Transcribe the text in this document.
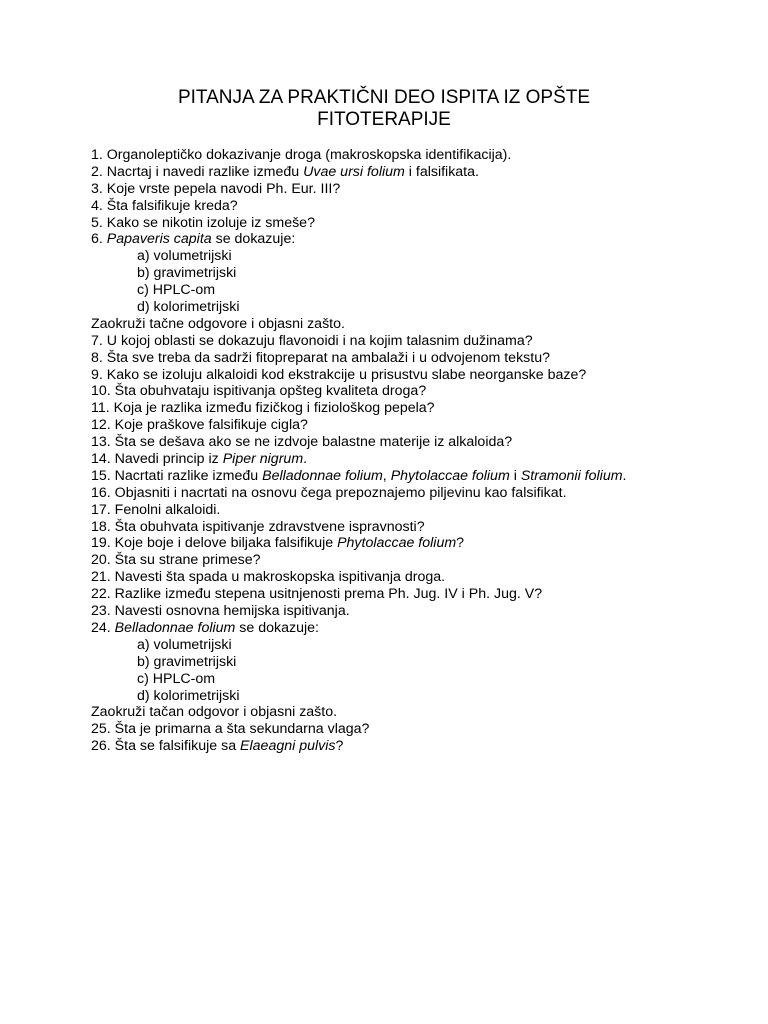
PITANJA ZA PRAKTIČNI DEO ISPITA IZ OPŠTE
FITOTERAPIJE
1. Organoleptičko dokazivanje droga (makroskopska identifikacija).
2. Nacrtaj i navedi razlike između Uvae ursi folium i falsifikata.
3. Koje vrste pepela navodi Ph. Eur. III?
4. Šta falsifikuje kreda?
5. Kako se nikotin izoluje iz smeše?
6. Papaveris capita se dokazuje:
a) volumetrijski
b) gravimetrijski
c) HPLC-om
d) kolorimetrijski
Zaokruži tačne odgovore i objasni zašto.
7. U kojoj oblasti se dokazuju flavonoidi i na kojim talasnim dužinama?
8. Šta sve treba da sadrži fitopreparat na ambalaži i u odvojenom tekstu?
9. Kako se izoluju alkaloidi kod ekstrakcije u prisustvu slabe neorganske baze?
10. Šta obuhvataju ispitivanja opšteg kvaliteta droga?
11. Koja je razlika između fizičkog i fiziološkog pepela?
12. Koje praškove falsifikuje cigla?
13. Šta se dešava ako se ne izdvoje balastne materije iz alkaloida?
14. Navedi princip iz Piper nigrum.
15. Nacrtati razlike između Belladonnae folium, Phytolaccae folium i Stramonii folium.
16. Objasniti i nacrtati na osnovu čega prepoznajemo piljevinu kao falsifikat.
17. Fenolni alkaloidi.
18. Šta obuhvata ispitivanje zdravstvene ispravnosti?
19. Koje boje i delove biljaka falsifikuje Phytolaccae folium?
20. Šta su strane primese?
21. Navesti šta spada u makroskopska ispitivanja droga.
22. Razlike između stepena usitnjenosti prema Ph. Jug. IV i Ph. Jug. V?
23. Navesti osnovna hemijska ispitivanja.
24. Belladonnae folium se dokazuje:
a) volumetrijski
b) gravimetrijski
c) HPLC-om
d) kolorimetrijski
Zaokruži tačan odgovor i objasni zašto.
25. Šta je primarna a šta sekundarna vlaga?
26. Šta se falsifikuje sa Elaeagni pulvis?
